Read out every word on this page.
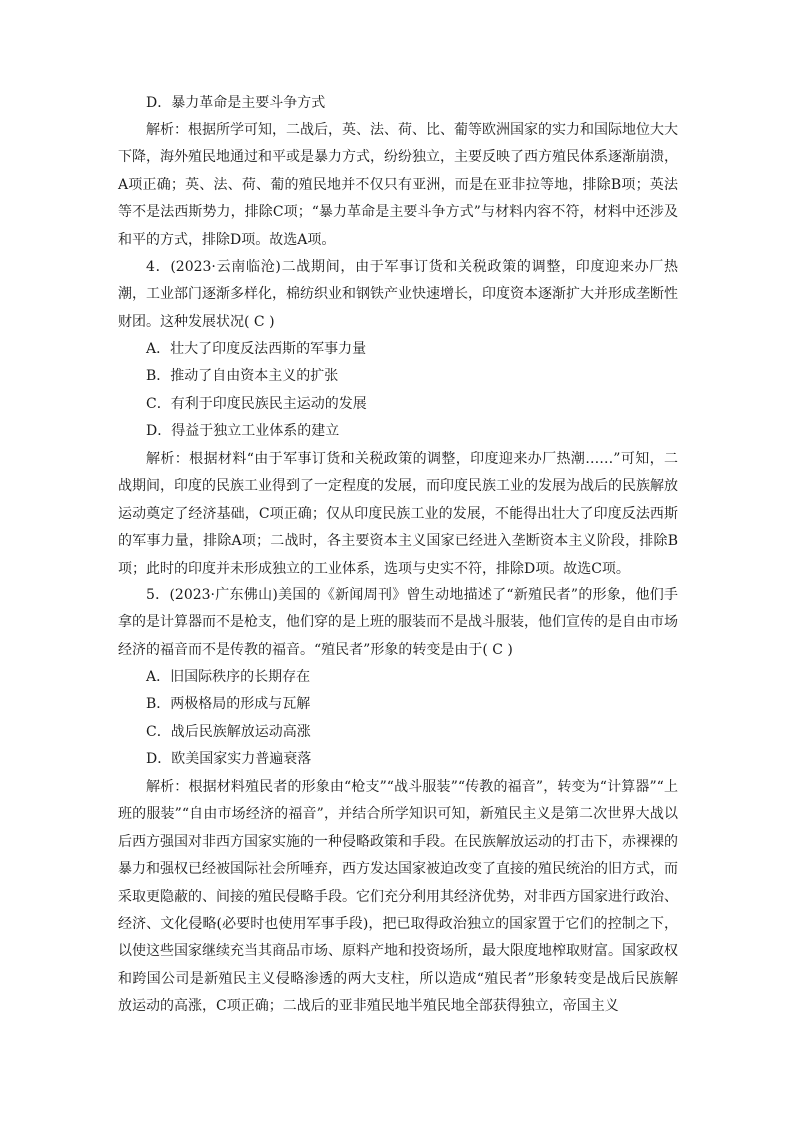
D．暴力革命是主要斗争方式

解析：根据所学可知，二战后，英、法、荷、比、葡等欧洲国家的实力和国际地位大大下降，海外殖民地通过和平或是暴力方式，纷纷独立，主要反映了西方殖民体系逐渐崩溃，A项正确；英、法、荷、葡的殖民地并不仅只有亚洲，而是在亚非拉等地，排除B项；英法等不是法西斯势力，排除C项；“暴力革命是主要斗争方式”与材料内容不符，材料中还涉及和平的方式，排除D项。故选A项。

4．(2023·云南临沧)二战期间，由于军事订货和关税政策的调整，印度迎来办厂热潮，工业部门逐渐多样化，棉纺织业和钢铁产业快速增长，印度资本逐渐扩大并形成垄断性财团。这种发展状况( C )

A．壮大了印度反法西斯的军事力量

B．推动了自由资本主义的扩张

C．有利于印度民族民主运动的发展

D．得益于独立工业体系的建立

解析：根据材料“由于军事订货和关税政策的调整，印度迎来办厂热潮……”可知，二战期间，印度的民族工业得到了一定程度的发展，而印度民族工业的发展为战后的民族解放运动奠定了经济基础，C项正确；仅从印度民族工业的发展，不能得出壮大了印度反法西斯的军事力量，排除A项；二战时，各主要资本主义国家已经进入垄断资本主义阶段，排除B项；此时的印度并未形成独立的工业体系，选项与史实不符，排除D项。故选C项。

5．(2023·广东佛山)美国的《新闻周刊》曾生动地描述了“新殖民者”的形象，他们手拿的是计算器而不是枪支，他们穿的是上班的服装而不是战斗服装，他们宣传的是自由市场经济的福音而不是传教的福音。“殖民者”形象的转变是由于( C )

A．旧国际秩序的长期存在

B．两极格局的形成与瓦解

C．战后民族解放运动高涨

D．欧美国家实力普遍衰落

解析：根据材料殖民者的形象由“枪支”“战斗服装”“传教的福音”，转变为“计算器”“上班的服装”“自由市场经济的福音”，并结合所学知识可知，新殖民主义是第二次世界大战以后西方强国对非西方国家实施的一种侵略政策和手段。在民族解放运动的打击下，赤裸裸的暴力和强权已经被国际社会所唾弃，西方发达国家被迫改变了直接的殖民统治的旧方式，而采取更隐蔽的、间接的殖民侵略手段。它们充分利用其经济优势，对非西方国家进行政治、经济、文化侵略(必要时也使用军事手段)，把已取得政治独立的国家置于它们的控制之下，以使这些国家继续充当其商品市场、原料产地和投资场所，最大限度地榨取财富。国家政权和跨国公司是新殖民主义侵略渗透的两大支柱，所以造成“殖民者”形象转变是战后民族解放运动的高涨，C项正确；二战后的亚非殖民地半殖民地全部获得独立，帝国主义
